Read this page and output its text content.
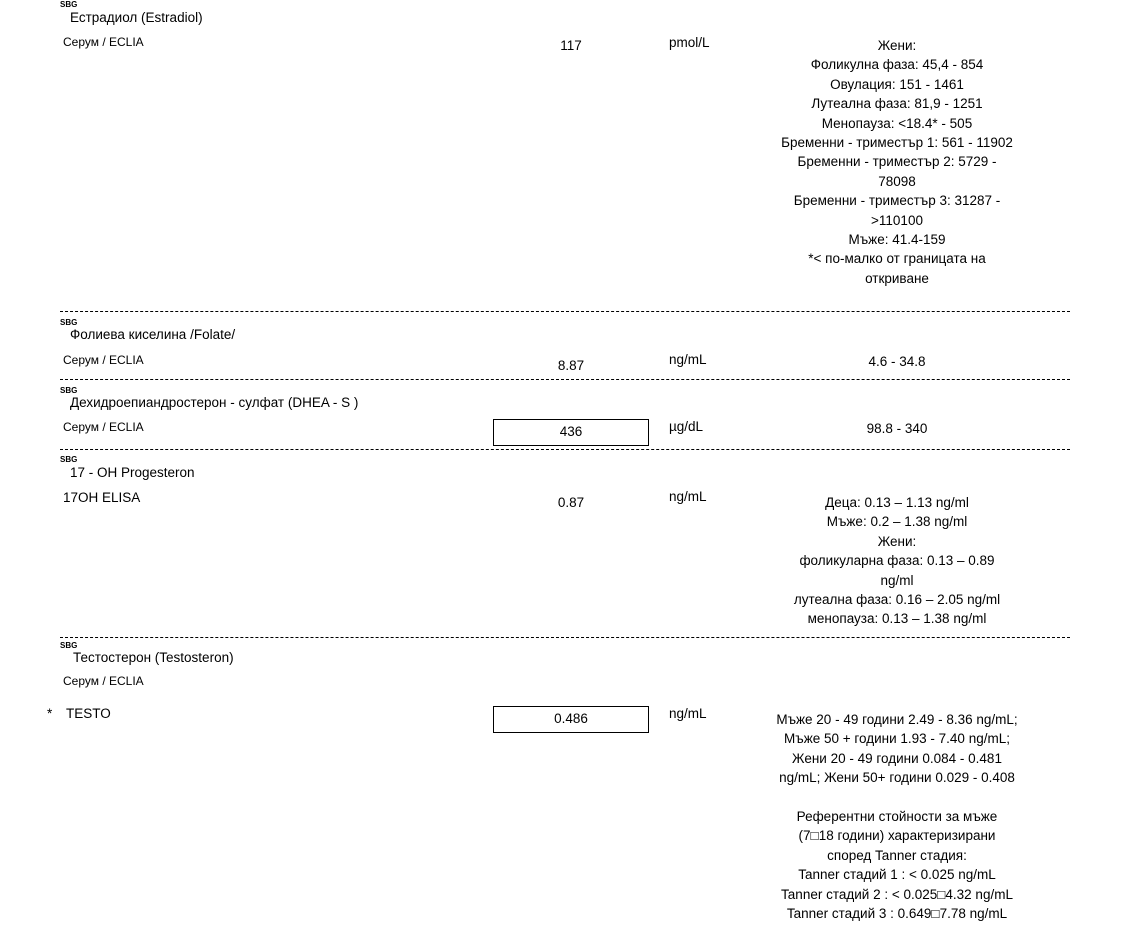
SBG
Естрадиол (Estradiol)
Серум / ECLIA	117	pmol/L	Жени:
Фоликулна фаза: 45,4 - 854
Овулация: 151 - 1461
Лутеална фаза: 81,9 - 1251
Менопауза: <18.4* - 505
Бременни - триместър 1: 561 - 11902
Бременни - триместър 2: 5729 -
78098
Бременни - триместър 3: 31287 -
>110100
Мъже: 41.4-159
*< по-малко от границата на
откриване
SBG
Фолиева киселина /Folate/
Серум / ECLIA	8.87	ng/mL	4.6 - 34.8
SBG
Дехидроепиандростерон - сулфат (DHEA - S )
Серум / ECLIA	436	µg/dL	98.8 - 340
SBG
17 - OH Progesteron
17OH ELISA	0.87	ng/mL	Деца: 0.13 – 1.13 ng/ml
Мъже: 0.2 – 1.38 ng/ml
Жени:
фоликуларна фаза: 0.13 – 0.89
ng/ml
лутеална фаза: 0.16 – 2.05 ng/ml
менопауза: 0.13 – 1.38 ng/ml
SBG
Тестостерон (Testosteron)
Серум / ECLIA
* TESTO	0.486	ng/mL	Мъже 20 - 49 години 2.49 - 8.36 ng/mL;
Мъже 50 + години 1.93 - 7.40 ng/mL;
Жени 20 - 49 години 0.084 - 0.481
ng/mL; Жени 50+ години 0.029 - 0.408

Референтни стойности за мъже
(7□18 години) характеризирани
според Tanner стадия:
Tanner стадий 1 : < 0.025 ng/mL
Tanner стадий 2 : < 0.025□4.32 ng/mL
Tanner стадий 3 : 0.649□7.78 ng/mL
